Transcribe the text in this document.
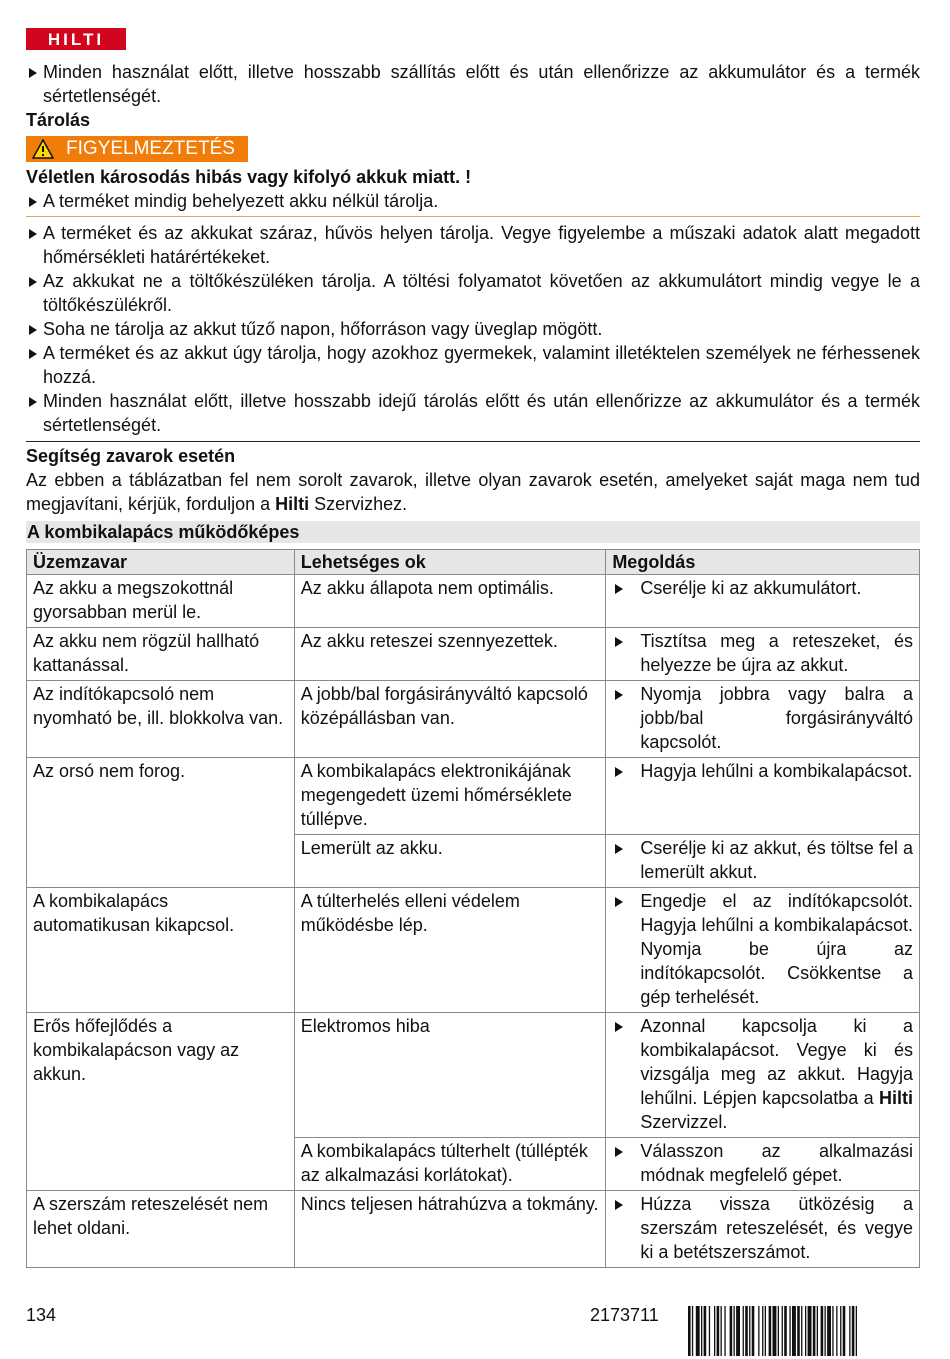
HILTI
Minden használat előtt, illetve hosszabb szállítás előtt és után ellenőrizze az akkumulátor és a termék sértetlenségét.
Tárolás
FIGYELMEZTETÉS
Véletlen károsodás hibás vagy kifolyó akkuk miatt. !
A terméket mindig behelyezett akku nélkül tárolja.
A terméket és az akkukat száraz, hűvös helyen tárolja. Vegye figyelembe a műszaki adatok alatt megadott hőmérsékleti határértékeket.
Az akkukat ne a töltőkészüléken tárolja. A töltési folyamatot követően az akkumulátort mindig vegye le a töltőkészülékről.
Soha ne tárolja az akkut tűző napon, hőforráson vagy üveglap mögött.
A terméket és az akkut úgy tárolja, hogy azokhoz gyermekek, valamint illetéktelen személyek ne férhessenek hozzá.
Minden használat előtt, illetve hosszabb idejű tárolás előtt és után ellenőrizze az akkumulátor és a termék sértetlenségét.
Segítség zavarok esetén
Az ebben a táblázatban fel nem sorolt zavarok, illetve olyan zavarok esetén, amelyeket saját maga nem tud megjavítani, kérjük, forduljon a Hilti Szervizhez.
A kombikalapács működőképes
Üzemzavar	Lehetséges ok	Megoldás
Az akku a megszokottnál gyorsabban merül le.	Az akku állapota nem optimális.	Cserélje ki az akkumulátort.

Az akku nem rögzül hallható kattanással.	Az akku reteszei szennyezettek.	Tisztítsa meg a reteszeket, és helyezze be újra az akkut.

Az indítókapcsoló nem nyomható be, ill. blokkolva van.	A jobb/bal forgásirányváltó kapcsoló középállásban van.	Nyomja jobbra vagy balra a jobb/bal forgásirányváltó kapcsolót.

Az orsó nem forog.	A kombikalapács elektronikájának megengedett üzemi hőmérséklete túllépve.	Hagyja lehűlni a kombikalapácsot.

	Lemerült az akku.	Cserélje ki az akkut, és töltse fel a lemerült akkut.

A kombikalapács automatikusan kikapcsol.	A túlterhelés elleni védelem működésbe lép.	Engedje el az indítókapcsolót. Hagyja lehűlni a kombikalapácsot. Nyomja be újra az indítókapcsolót. Csökkentse a gép terhelését.

Erős hőfejlődés a kombikalapácson vagy az akkun.	Elektromos hiba	Azonnal kapcsolja ki a kombikalapácsot. Vegye ki és vizsgálja meg az akkut. Hagyja lehűlni. Lépjen kapcsolatba a Hilti Szervizzel.

	A kombikalapács túlterhelt (túllépték az alkalmazási korlátokat).	Válasszon az alkalmazási módnak megfelelő gépet.

A szerszám reteszelését nem lehet oldani.	Nincs teljesen hátrahúzva a tokmány.	Húzza vissza ütközésig a szerszám reteszelését, és vegye ki a betétszerszámot.
134	2173711
